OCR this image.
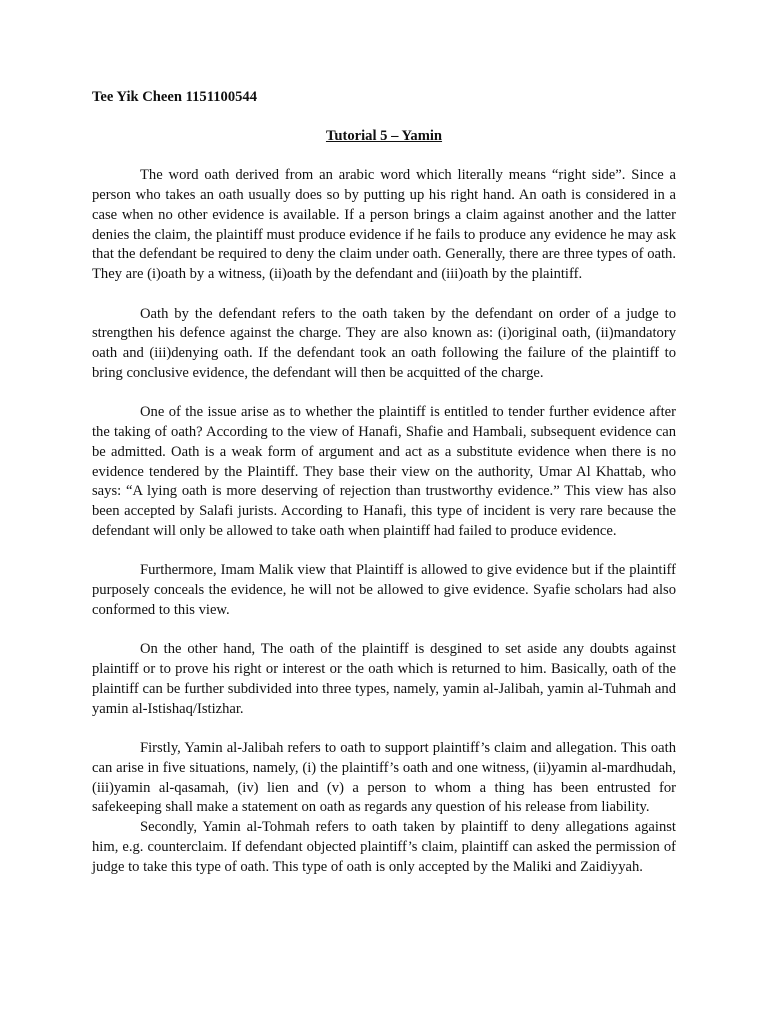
Tee Yik Cheen 1151100544

Tutorial 5 – Yamin

The word oath derived from an arabic word which literally means “right side”. Since a person who takes an oath usually does so by putting up his right hand. An oath is considered in a case when no other evidence is available. If a person brings a claim against another and the latter denies the claim, the plaintiff must produce evidence if he fails to produce any evidence he may ask that the defendant be required to deny the claim under oath. Generally, there are three types of oath. They are (i)oath by a witness, (ii)oath by the defendant and (iii)oath by the plaintiff.

Oath by the defendant refers to the oath taken by the defendant on order of a judge to strengthen his defence against the charge. They are also known as: (i)original oath, (ii)mandatory oath and (iii)denying oath. If the defendant took an oath following the failure of the plaintiff to bring conclusive evidence, the defendant will then be acquitted of the charge.

One of the issue arise as to whether the plaintiff is entitled to tender further evidence after the taking of oath? According to the view of Hanafi, Shafie and Hambali, subsequent evidence can be admitted. Oath is a weak form of argument and act as a substitute evidence when there is no evidence tendered by the Plaintiff. They base their view on the authority, Umar Al Khattab, who says: “A lying oath is more deserving of rejection than trustworthy evidence.” This view has also been accepted by Salafi jurists. According to Hanafi, this type of incident is very rare because the defendant will only be allowed to take oath when plaintiff had failed to produce evidence.

Furthermore, Imam Malik view that Plaintiff is allowed to give evidence but if the plaintiff purposely conceals the evidence, he will not be allowed to give evidence. Syafie scholars had also conformed to this view.

On the other hand, The oath of the plaintiff is desgined to set aside any doubts against plaintiff or to prove his right or interest or the oath which is returned to him. Basically, oath of the plaintiff can be further subdivided into three types, namely, yamin al-Jalibah, yamin al-Tuhmah and yamin al-Istishaq/Istizhar.

Firstly, Yamin al-Jalibah refers to oath to support plaintiff’s claim and allegation. This oath can arise in five situations, namely, (i) the plaintiff’s oath and one witness, (ii)yamin al-mardhudah, (iii)yamin al-qasamah, (iv) lien and (v) a person to whom a thing has been entrusted for safekeeping shall make a statement on oath as regards any question of his release from liability.

Secondly, Yamin al-Tohmah refers to oath taken by plaintiff to deny allegations against him, e.g. counterclaim. If defendant objected plaintiff’s claim, plaintiff can asked the permission of judge to take this type of oath. This type of oath is only accepted by the Maliki and Zaidiyyah.
